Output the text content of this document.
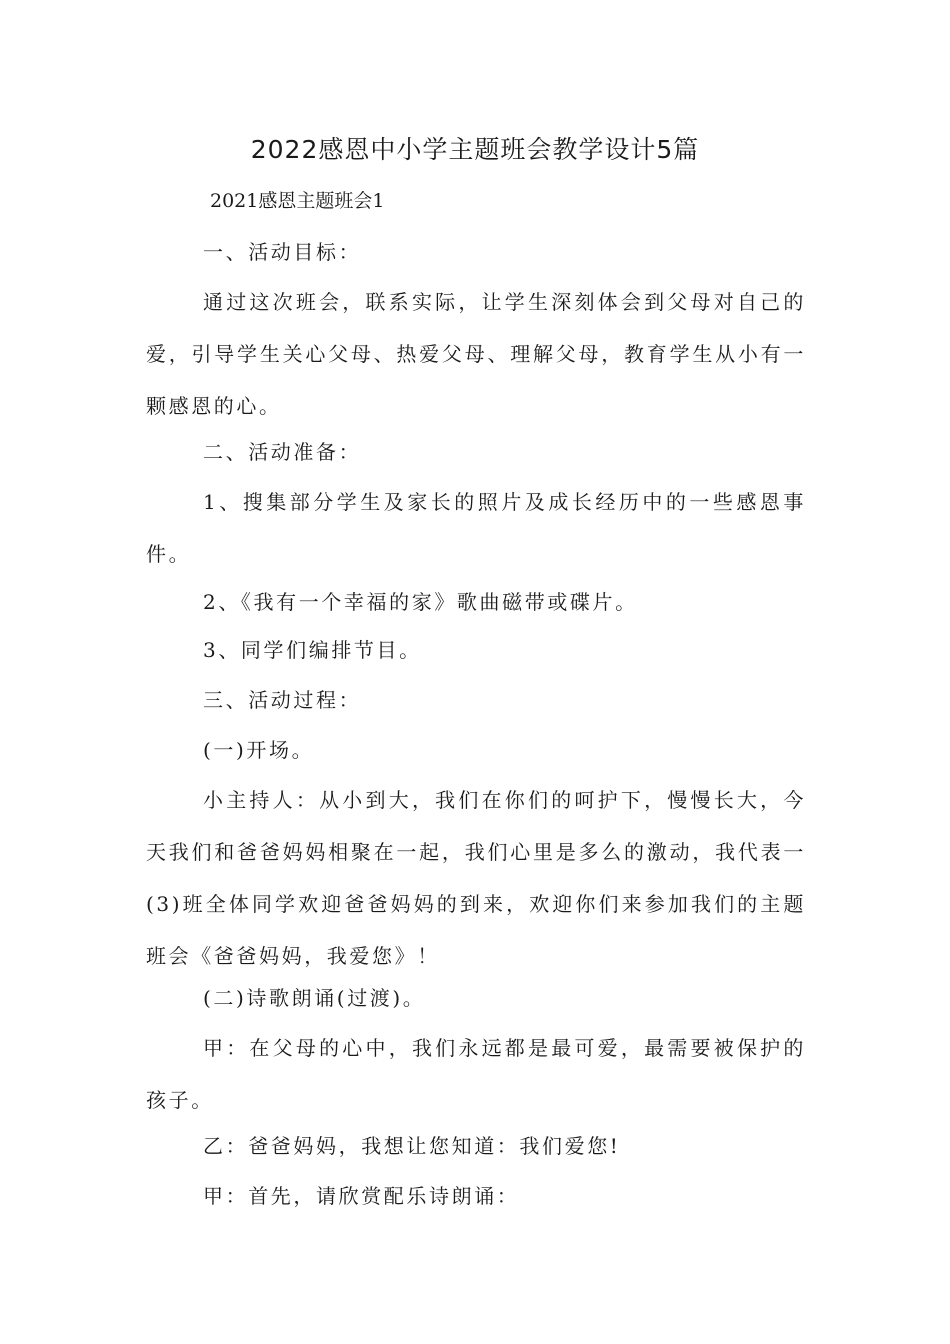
2022感恩中小学主题班会教学设计5篇

2021感恩主题班会1

一、活动目标：

通过这次班会，联系实际，让学生深刻体会到父母对自己的爱，引导学生关心父母、热爱父母、理解父母，教育学生从小有一颗感恩的心。

二、活动准备：

1、搜集部分学生及家长的照片及成长经历中的一些感恩事件。

2、《我有一个幸福的家》歌曲磁带或碟片。

3、同学们编排节目。

三、活动过程：

(一)开场。

小主持人：从小到大，我们在你们的呵护下，慢慢长大，今天我们和爸爸妈妈相聚在一起，我们心里是多么的激动，我代表一(3)班全体同学欢迎爸爸妈妈的到来，欢迎你们来参加我们的主题班会《爸爸妈妈，我爱您》！

(二)诗歌朗诵(过渡)。

甲：在父母的心中，我们永远都是最可爱，最需要被保护的孩子。

乙：爸爸妈妈，我想让您知道：我们爱您!

甲：首先，请欣赏配乐诗朗诵：
